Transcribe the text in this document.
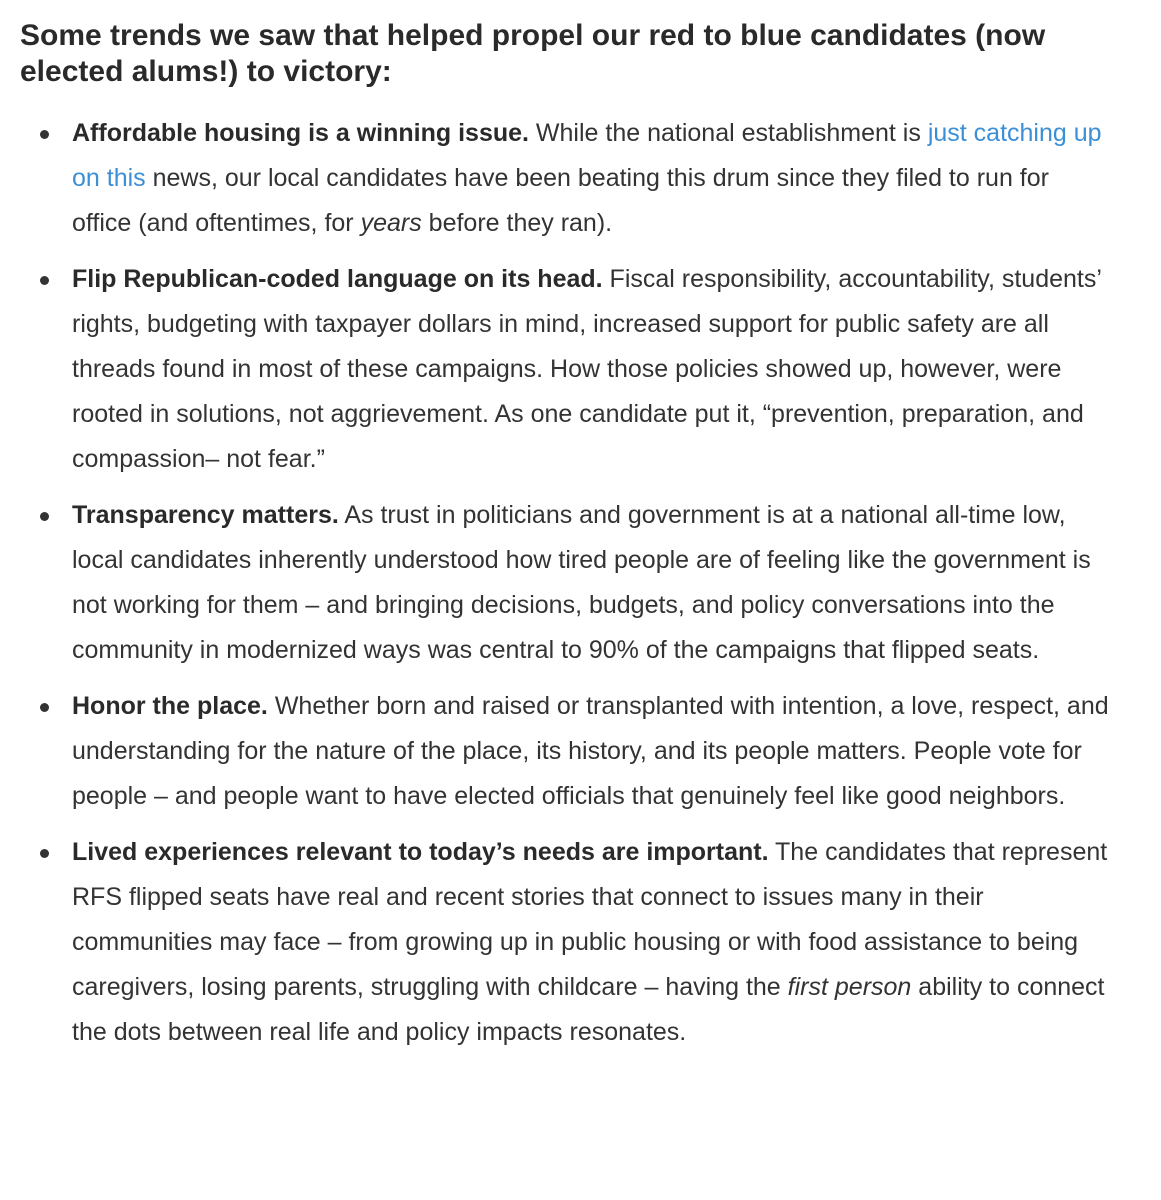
Some trends we saw that helped propel our red to blue candidates (now elected alums!) to victory:
Affordable housing is a winning issue. While the national establishment is just catching up on this news, our local candidates have been beating this drum since they filed to run for office (and oftentimes, for years before they ran).
Flip Republican-coded language on its head. Fiscal responsibility, accountability, students’ rights, budgeting with taxpayer dollars in mind, increased support for public safety are all threads found in most of these campaigns. How those policies showed up, however, were rooted in solutions, not aggrievement. As one candidate put it, “prevention, preparation, and compassion– not fear.”
Transparency matters. As trust in politicians and government is at a national all-time low, local candidates inherently understood how tired people are of feeling like the government is not working for them – and bringing decisions, budgets, and policy conversations into the community in modernized ways was central to 90% of the campaigns that flipped seats.
Honor the place. Whether born and raised or transplanted with intention, a love, respect, and understanding for the nature of the place, its history, and its people matters. People vote for people – and people want to have elected officials that genuinely feel like good neighbors.
Lived experiences relevant to today’s needs are important. The candidates that represent RFS flipped seats have real and recent stories that connect to issues many in their communities may face – from growing up in public housing or with food assistance to being caregivers, losing parents, struggling with childcare – having the first person ability to connect the dots between real life and policy impacts resonates.
